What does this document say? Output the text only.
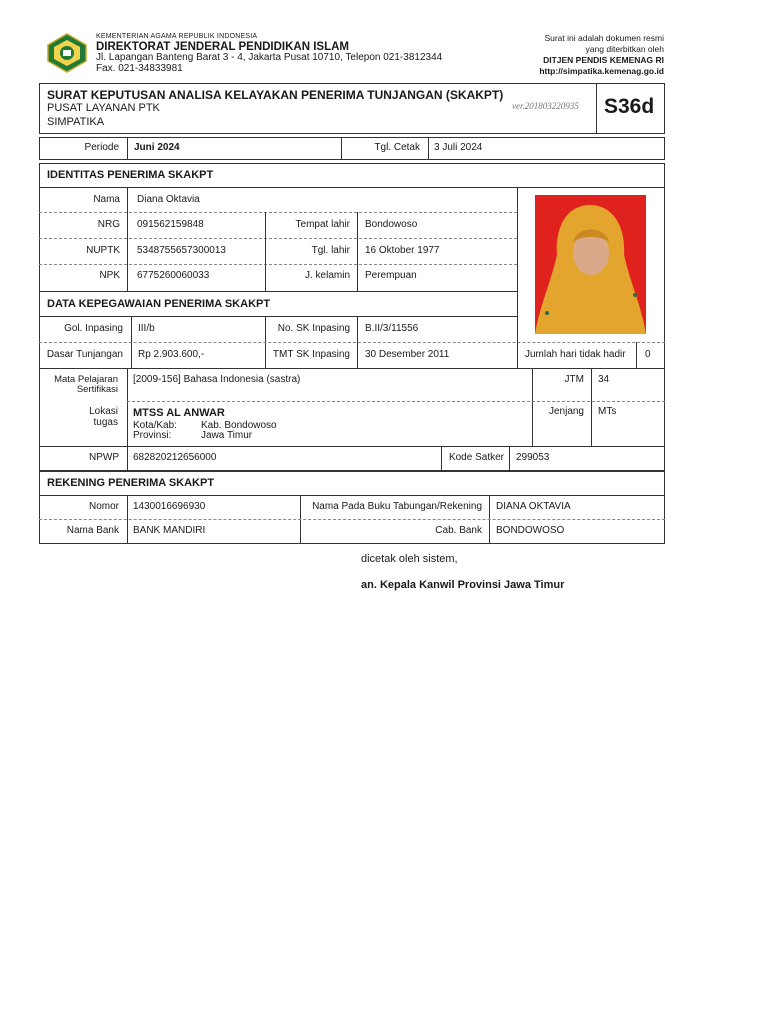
KEMENTERIAN AGAMA REPUBLIK INDONESIA
DIREKTORAT JENDERAL PENDIDIKAN ISLAM
Jl. Lapangan Banteng Barat 3 - 4, Jakarta Pusat 10710, Telepon 021-3812344
Fax. 021-34833981
Surat ini adalah dokumen resmi
yang diterbitkan oleh
DITJEN PENDIS KEMENAG RI
http://simpatika.kemenag.go.id
SURAT KEPUTUSAN ANALISA KELAYAKAN PENERIMA TUNJANGAN (SKAKPT)
PUSAT LAYANAN PTK
SIMPATIKA
ver.201803220935 S36d
Periode Juni 2024	Tgl. Cetak 3 Juli 2024
IDENTITAS PENERIMA SKAKPT
Nama Diana Oktavia
NRG 091562159848	Tempat lahir Bondowoso
NUPTK 5348755657300013	Tgl. lahir 16 Oktober 1977
NPK 6775260060033	J. kelamin Perempuan
DATA KEPEGAWAIAN PENERIMA SKAKPT
Gol. Inpasing III/b	No. SK Inpasing B.II/3/11556
Dasar Tunjangan Rp 2.903.600,-	TMT SK Inpasing 30 Desember 2011	Jumlah hari tidak hadir 0
Mata Pelajaran
Sertifikasi
[2009-156] Bahasa Indonesia (sastra)	JTM 34
Lokasi
tugas
MTSS AL ANWAR
Kota/Kab: Kab. Bondowoso
Provinsi:	Jawa Timur
Jenjang MTs
NPWP 682820212656000	Kode Satker 299053
REKENING PENERIMA SKAKPT
Nomor 1430016696930	Nama Pada Buku Tabungan/Rekening DIANA OKTAVIA
Nama Bank BANK MANDIRI	Cab. Bank BONDOWOSO
dicetak oleh sistem,
an. Kepala Kanwil Provinsi Jawa Timur
